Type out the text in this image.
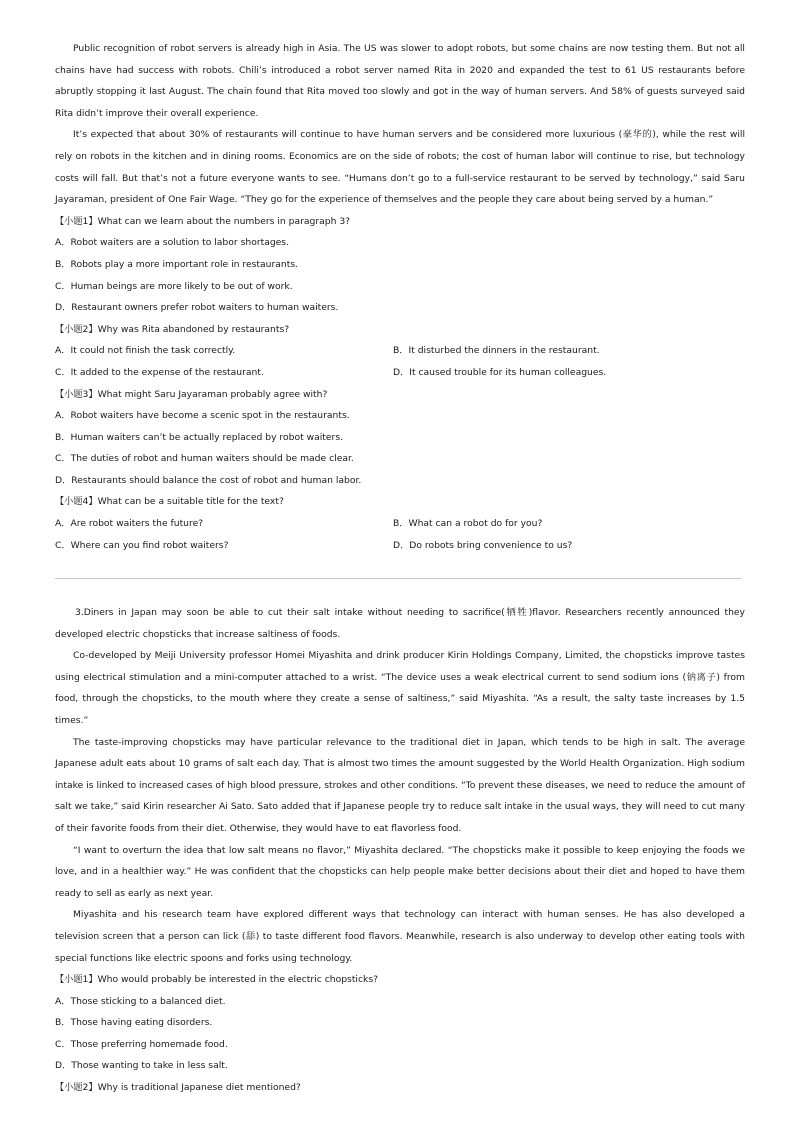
Public recognition of robot servers is already high in Asia. The US was slower to adopt robots, but some chains are now testing them. But not all chains have had success with robots. Chili’s introduced a robot server named Rita in 2020 and expanded the test to 61 US restaurants before abruptly stopping it last August. The chain found that Rita moved too slowly and got in the way of human servers. And 58% of guests surveyed said Rita didn’t improve their overall experience.

It’s expected that about 30% of restaurants will continue to have human servers and be considered more luxurious (豪华的), while the rest will rely on robots in the kitchen and in dining rooms. Economics are on the side of robots; the cost of human labor will continue to rise, but technology costs will fall. But that’s not a future everyone wants to see. “Humans don’t go to a full-service restaurant to be served by technology,” said Saru Jayaraman, president of One Fair Wage. “They go for the experience of themselves and the people they care about being served by a human.”

【小题1】What can we learn about the numbers in paragraph 3?

A．Robot waiters are a solution to labor shortages.

B．Robots play a more important role in restaurants.

C．Human beings are more likely to be out of work.

D．Restaurant owners prefer robot waiters to human waiters.

【小题2】Why was Rita abandoned by restaurants?

A．It could not finish the task correctly.	B．It disturbed the dinners in the restaurant.

C．It added to the expense of the restaurant.	D．It caused trouble for its human colleagues.

【小题3】What might Saru Jayaraman probably agree with?

A．Robot waiters have become a scenic spot in the restaurants.

B．Human waiters can’t be actually replaced by robot waiters.

C．The duties of robot and human waiters should be made clear.

D．Restaurants should balance the cost of robot and human labor.

【小题4】What can be a suitable title for the text?

A．Are robot waiters the future?	B．What can a robot do for you?

C．Where can you find robot waiters?	D．Do robots bring convenience to us?

3.Diners in Japan may soon be able to cut their salt intake without needing to sacrifice(牺牲)flavor. Researchers recently announced they developed electric chopsticks that increase saltiness of foods.

Co-developed by Meiji University professor Homei Miyashita and drink producer Kirin Holdings Company, Limited, the chopsticks improve tastes using electrical stimulation and a mini-computer attached to a wrist. “The device uses a weak electrical current to send sodium ions (钠离子) from food, through the chopsticks, to the mouth where they create a sense of saltiness,” said Miyashita. “As a result, the salty taste increases by 1.5 times.”

The taste-improving chopsticks may have particular relevance to the traditional diet in Japan, which tends to be high in salt. The average Japanese adult eats about 10 grams of salt each day. That is almost two times the amount suggested by the World Health Organization. High sodium intake is linked to increased cases of high blood pressure, strokes and other conditions. “To prevent these diseases, we need to reduce the amount of salt we take,” said Kirin researcher Ai Sato. Sato added that if Japanese people try to reduce salt intake in the usual ways, they will need to cut many of their favorite foods from their diet. Otherwise, they would have to eat flavorless food.

“I want to overturn the idea that low salt means no flavor,” Miyashita declared. “The chopsticks make it possible to keep enjoying the foods we love, and in a healthier way.” He was confident that the chopsticks can help people make better decisions about their diet and hoped to have them ready to sell as early as next year.

Miyashita and his research team have explored different ways that technology can interact with human senses. He has also developed a television screen that a person can lick (舔) to taste different food flavors. Meanwhile, research is also underway to develop other eating tools with special functions like electric spoons and forks using technology.

【小题1】Who would probably be interested in the electric chopsticks?

A．Those sticking to a balanced diet.

B．Those having eating disorders.

C．Those preferring homemade food.

D．Those wanting to take in less salt.

【小题2】Why is traditional Japanese diet mentioned?
